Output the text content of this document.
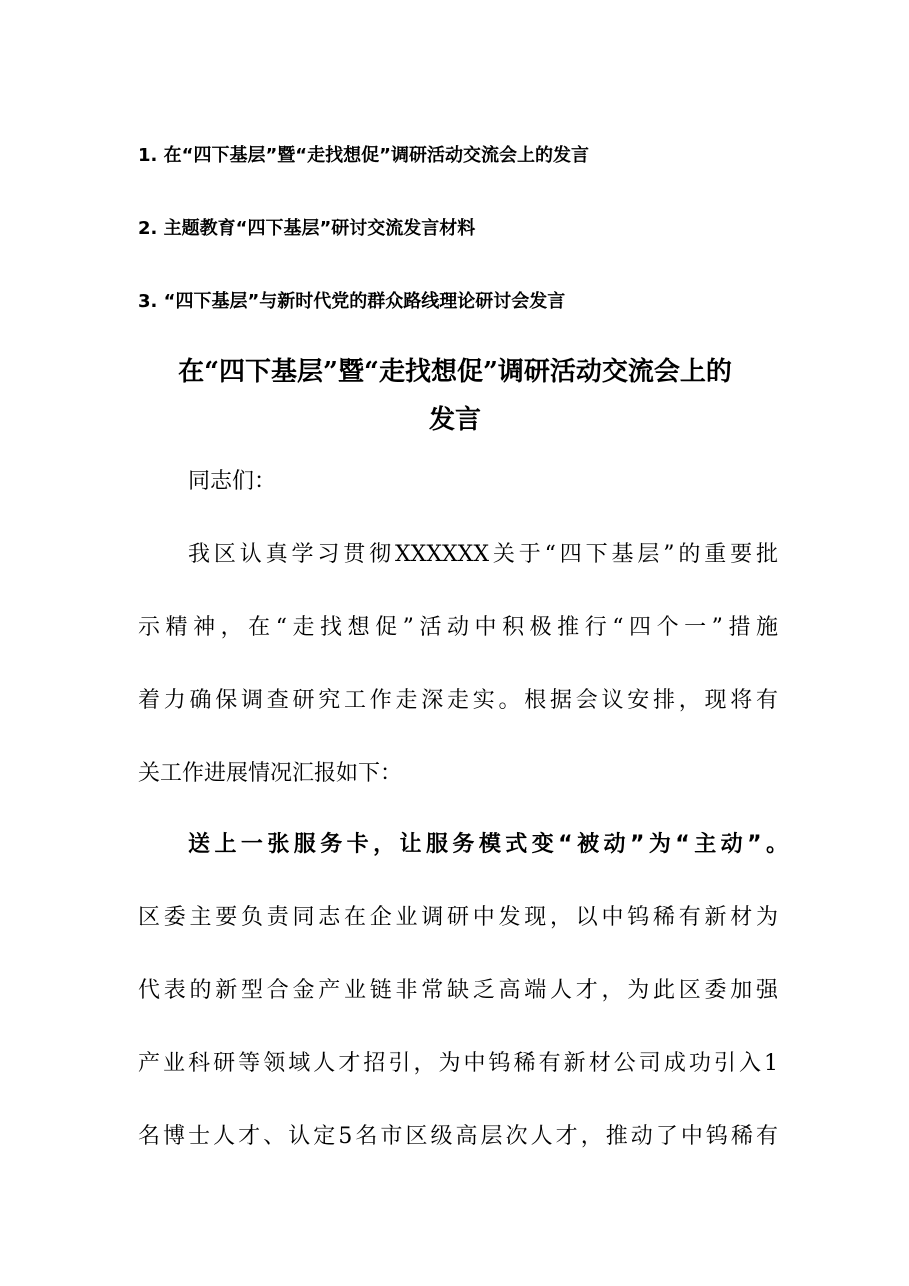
1. 在“四下基层”暨“走找想促”调研活动交流会上的发言
2. 主题教育“四下基层”研讨交流发言材料
3. “四下基层”与新时代党的群众路线理论研讨会发言
在“四下基层”暨“走找想促”调研活动交流会上的
发言
同志们：
我区认真学习贯彻XXXXXX关于“四下基层”的重要批
示精神，在“走找想促”活动中积极推行“四个一”措施
着力确保调查研究工作走深走实。根据会议安排，现将有
关工作进展情况汇报如下：
送上一张服务卡，让服务模式变“被动”为“主动”。
区委主要负责同志在企业调研中发现，以中钨稀有新材为
代表的新型合金产业链非常缺乏高端人才，为此区委加强
产业科研等领域人才招引，为中钨稀有新材公司成功引入1
名博士人才、认定5名市区级高层次人才，推动了中钨稀有
